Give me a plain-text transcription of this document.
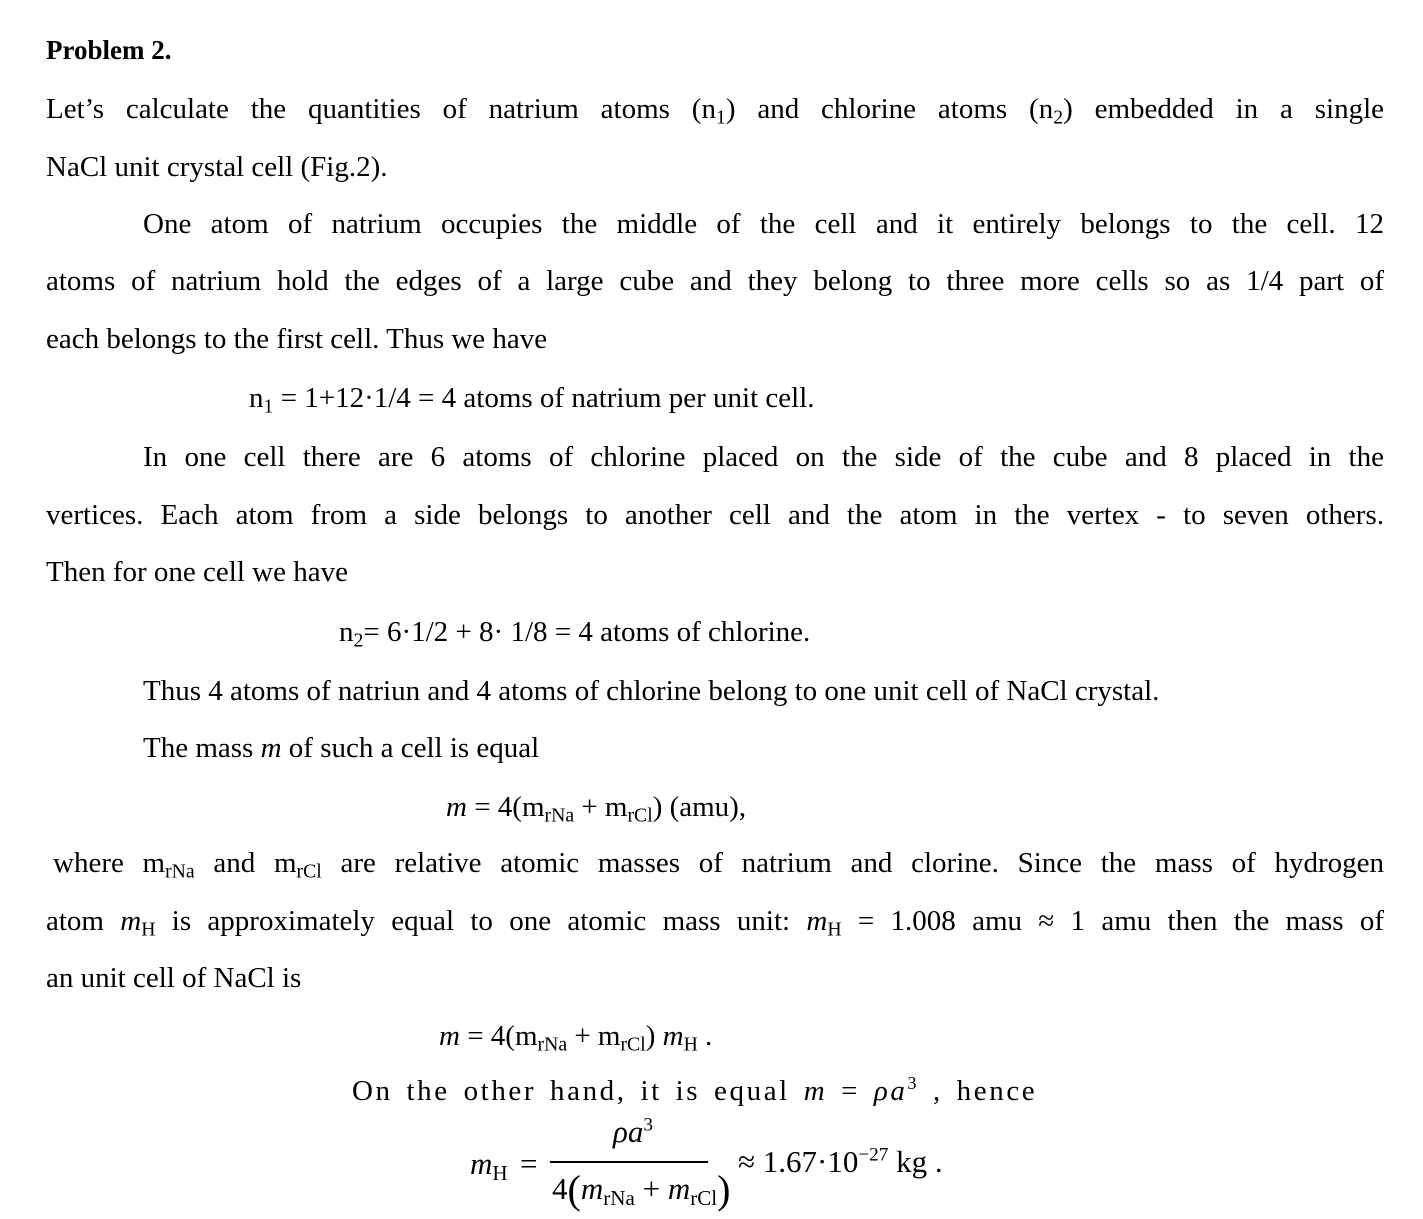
Problem 2.
Let’s calculate the quantities of natrium atoms $(n_1)$ and chlorine atoms $(n_2)$ embedded in a single
NaCl unit crystal cell (Fig.2).
One atom of natrium occupies the middle of the cell and it entirely belongs to the cell. 12
atoms of natrium hold the edges of a large cube and they belong to three more cells so as 1/4 part of
each belongs to the first cell. Thus we have
$n_1 = 1+12\cdot 1/4 = 4$ atoms of natrium per unit cell.
In one cell there are 6 atoms of chlorine placed on the side of the cube and 8 placed in the
vertices. Each atom from a side belongs to another cell and the atom in the vertex - to seven others.
Then for one cell we have
$n_2= 6\cdot 1/2 + 8\cdot 1/8 = 4$ atoms of chlorine.
Thus 4 atoms of natriun and 4 atoms of chlorine belong to one unit cell of NaCl crystal.
The mass m of such a cell is equal
$m = 4(m_{rNa} + m_{rCl})$ (amu),
where $m_{rNa}$ and $m_{rCl}$ are relative atomic masses of natrium and clorine. Since the mass of hydrogen
atom $m_H$ is approximately equal to one atomic mass unit: $m_H = 1.008$ amu ≈ 1 amu then the mass of
an unit cell of NaCl is
$m = 4(m_{rNa} + m_{rCl})$ $m_H$ .
On the other hand, it is equal $m = \rho a^3$ , hence
$m_H$ =
$\rho a^3$
$4(m_{rNa} + m_{rCl})$
≈ $1.67\cdot 10^{-27}$ kg .
